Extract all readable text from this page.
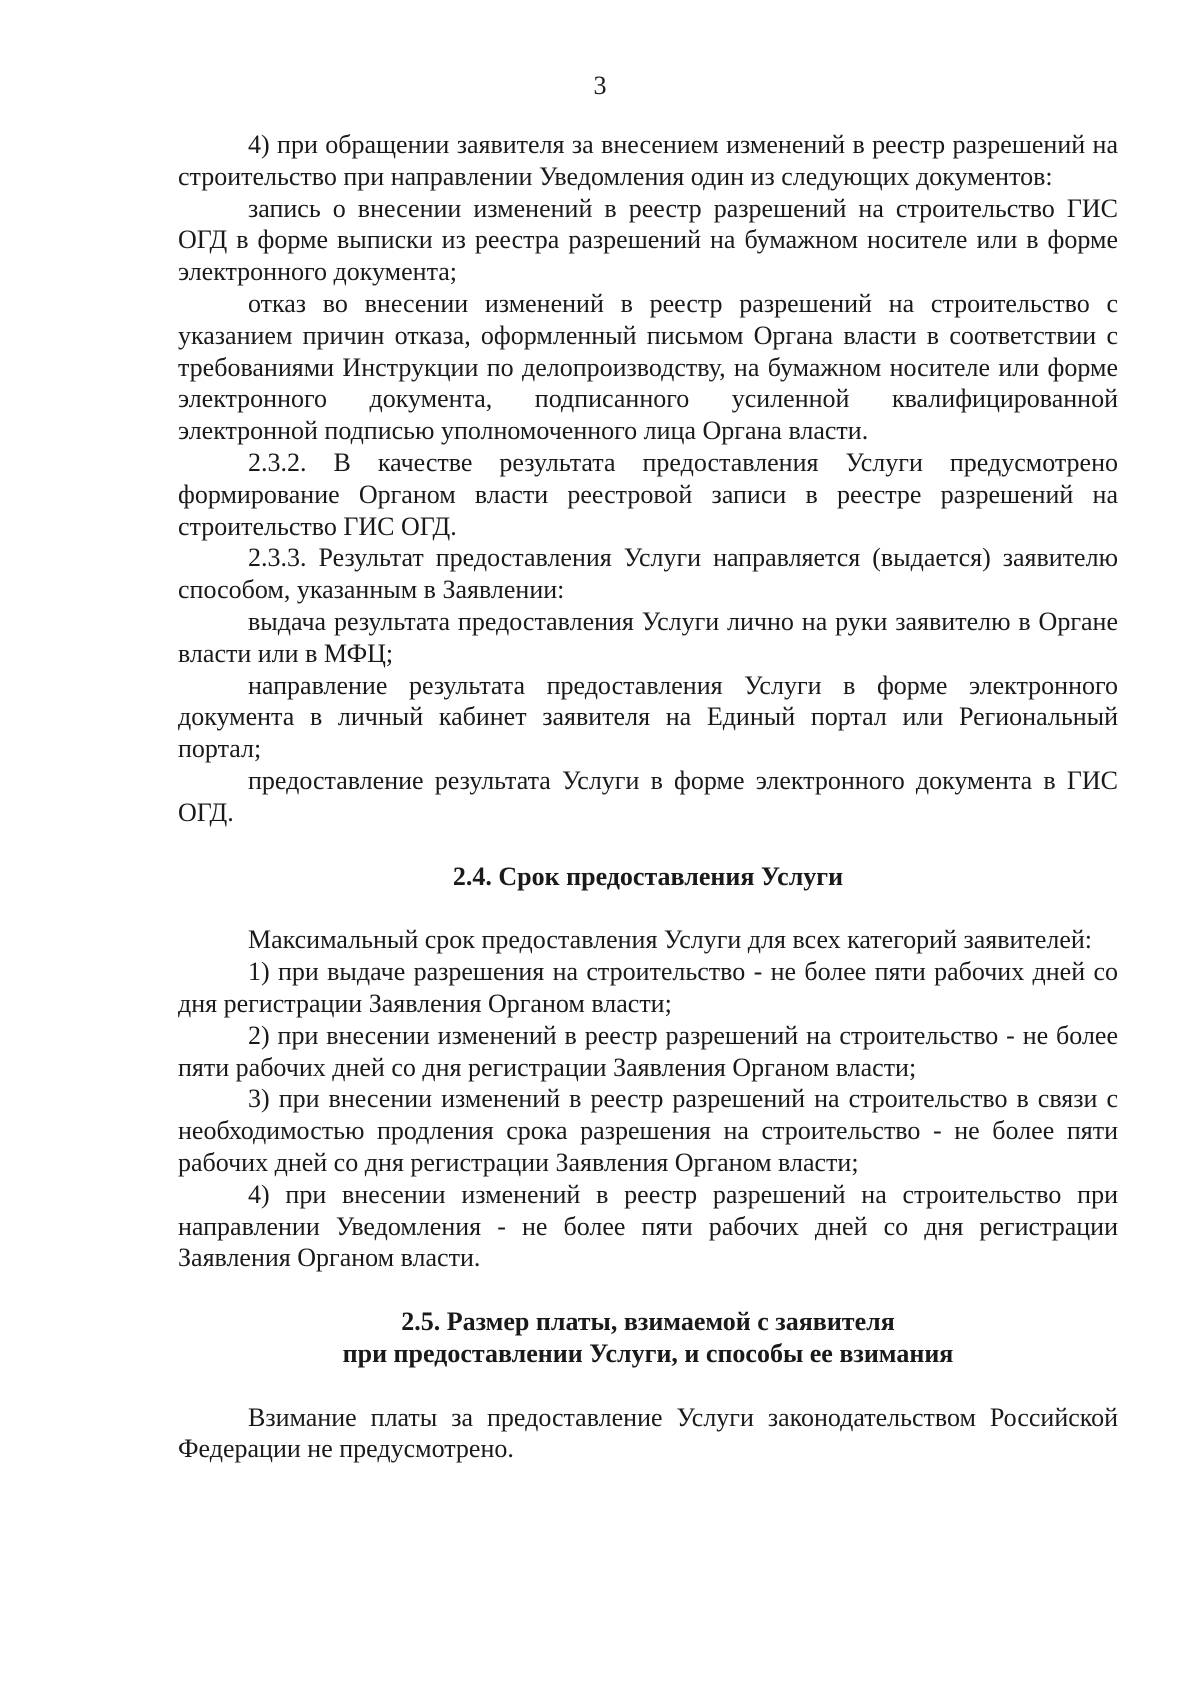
3

4) при обращении заявителя за внесением изменений в реестр разрешений на строительство при направлении Уведомления один из следующих документов:

запись о внесении изменений в реестр разрешений на строительство ГИС ОГД в форме выписки из реестра разрешений на бумажном носителе или в форме электронного документа;

отказ во внесении изменений в реестр разрешений на строительство с указанием причин отказа, оформленный письмом Органа власти в соответствии с требованиями Инструкции по делопроизводству, на бумажном носителе или форме электронного документа, подписанного усиленной квалифицированной электронной подписью уполномоченного лица Органа власти.

2.3.2. В качестве результата предоставления Услуги предусмотрено формирование Органом власти реестровой записи в реестре разрешений на строительство ГИС ОГД.

2.3.3. Результат предоставления Услуги направляется (выдается) заявителю способом, указанным в Заявлении:

выдача результата предоставления Услуги лично на руки заявителю в Органе власти или в МФЦ;

направление результата предоставления Услуги в форме электронного документа в личный кабинет заявителя на Единый портал или Региональный портал;

предоставление результата Услуги в форме электронного документа в ГИС ОГД.

2.4. Срок предоставления Услуги

Максимальный срок предоставления Услуги для всех категорий заявителей:

1) при выдаче разрешения на строительство - не более пяти рабочих дней со дня регистрации Заявления Органом власти;

2) при внесении изменений в реестр разрешений на строительство - не более пяти рабочих дней со дня регистрации Заявления Органом власти;

3) при внесении изменений в реестр разрешений на строительство в связи с необходимостью продления срока разрешения на строительство - не более пяти рабочих дней со дня регистрации Заявления Органом власти;

4) при внесении изменений в реестр разрешений на строительство при направлении Уведомления - не более пяти рабочих дней со дня регистрации Заявления Органом власти.

2.5. Размер платы, взимаемой с заявителя
при предоставлении Услуги, и способы ее взимания

Взимание платы за предоставление Услуги законодательством Российской Федерации не предусмотрено.
